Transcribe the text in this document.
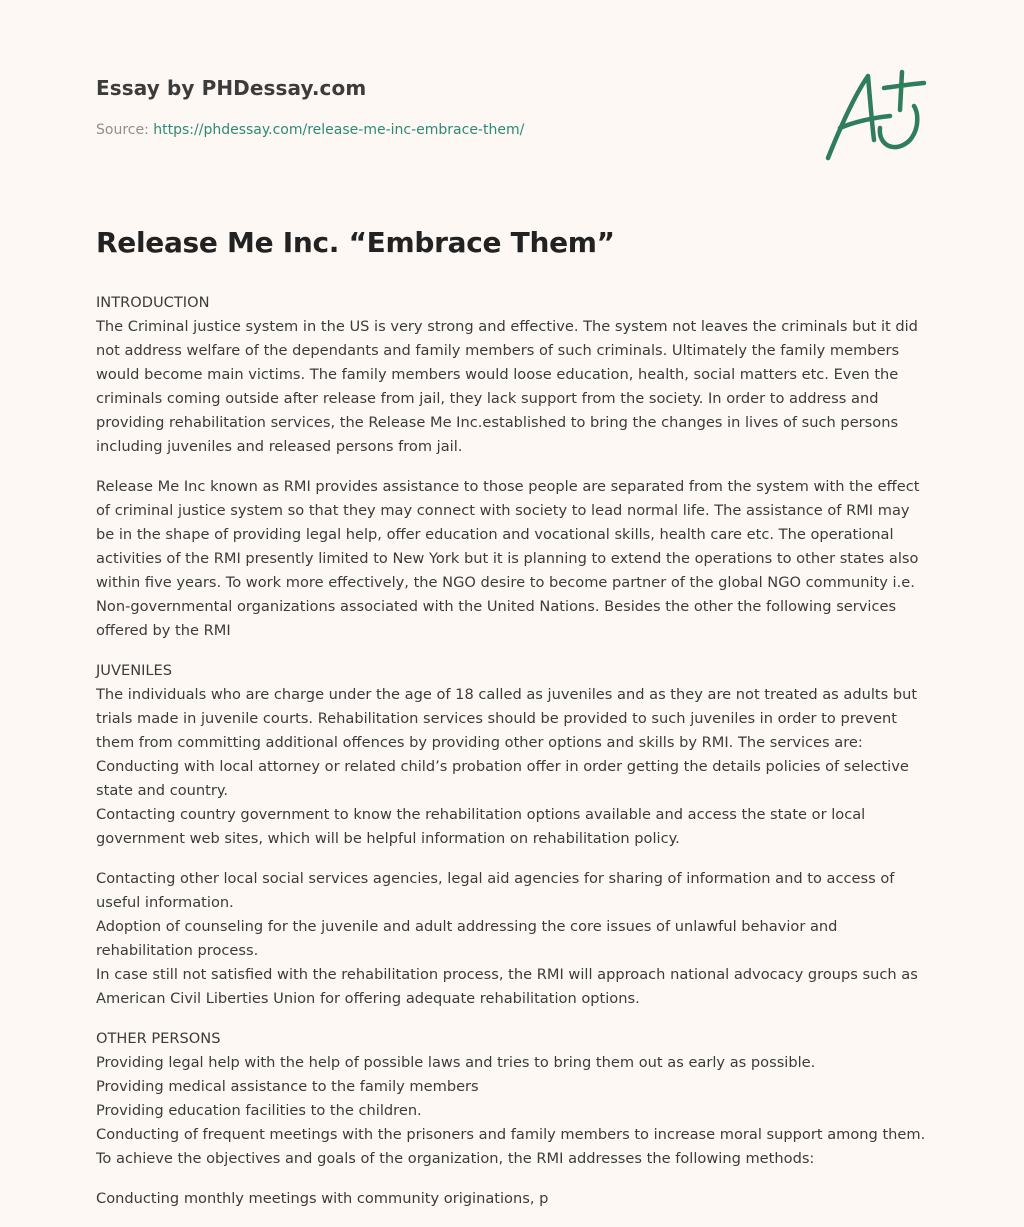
Essay by PHDessay.com
Source: https://phdessay.com/release-me-inc-embrace-them/
Release Me Inc. “Embrace Them”
INTRODUCTION
The Criminal justice system in the US is very strong and effective. The system not leaves the criminals but it did not address welfare of the dependants and family members of such criminals. Ultimately the family members would become main victims. The family members would loose education, health, social matters etc. Even the criminals coming outside after release from jail, they lack support from the society. In order to address and providing rehabilitation services, the Release Me Inc.established to bring the changes in lives of such persons including juveniles and released persons from jail.
Release Me Inc known as RMI provides assistance to those people are separated from the system with the effect of criminal justice system so that they may connect with society to lead normal life. The assistance of RMI may be in the shape of providing legal help, offer education and vocational skills, health care etc. The operational activities of the RMI presently limited to New York but it is planning to extend the operations to other states also within five years. To work more effectively, the NGO desire to become partner of the global NGO community i.e. Non-governmental organizations associated with the United Nations. Besides the other the following services offered by the RMI
JUVENILES
The individuals who are charge under the age of 18 called as juveniles and as they are not treated as adults but trials made in juvenile courts. Rehabilitation services should be provided to such juveniles in order to prevent them from committing additional offences by providing other options and skills by RMI. The services are:
Conducting with local attorney or related child’s probation offer in order getting the details policies of selective state and country.
Contacting country government to know the rehabilitation options available and access the state or local government web sites, which will be helpful information on rehabilitation policy.
Contacting other local social services agencies, legal aid agencies for sharing of information and to access of useful information.
Adoption of counseling for the juvenile and adult addressing the core issues of unlawful behavior and rehabilitation process.
In case still not satisfied with the rehabilitation process, the RMI will approach national advocacy groups such as American Civil Liberties Union for offering adequate rehabilitation options.
OTHER PERSONS
Providing legal help with the help of possible laws and tries to bring them out as early as possible.
Providing medical assistance to the family members
Providing education facilities to the children.
Conducting of frequent meetings with the prisoners and family members to increase moral support among them.
To achieve the objectives and goals of the organization, the RMI addresses the following methods:
Conducting monthly meetings with community originations, p
